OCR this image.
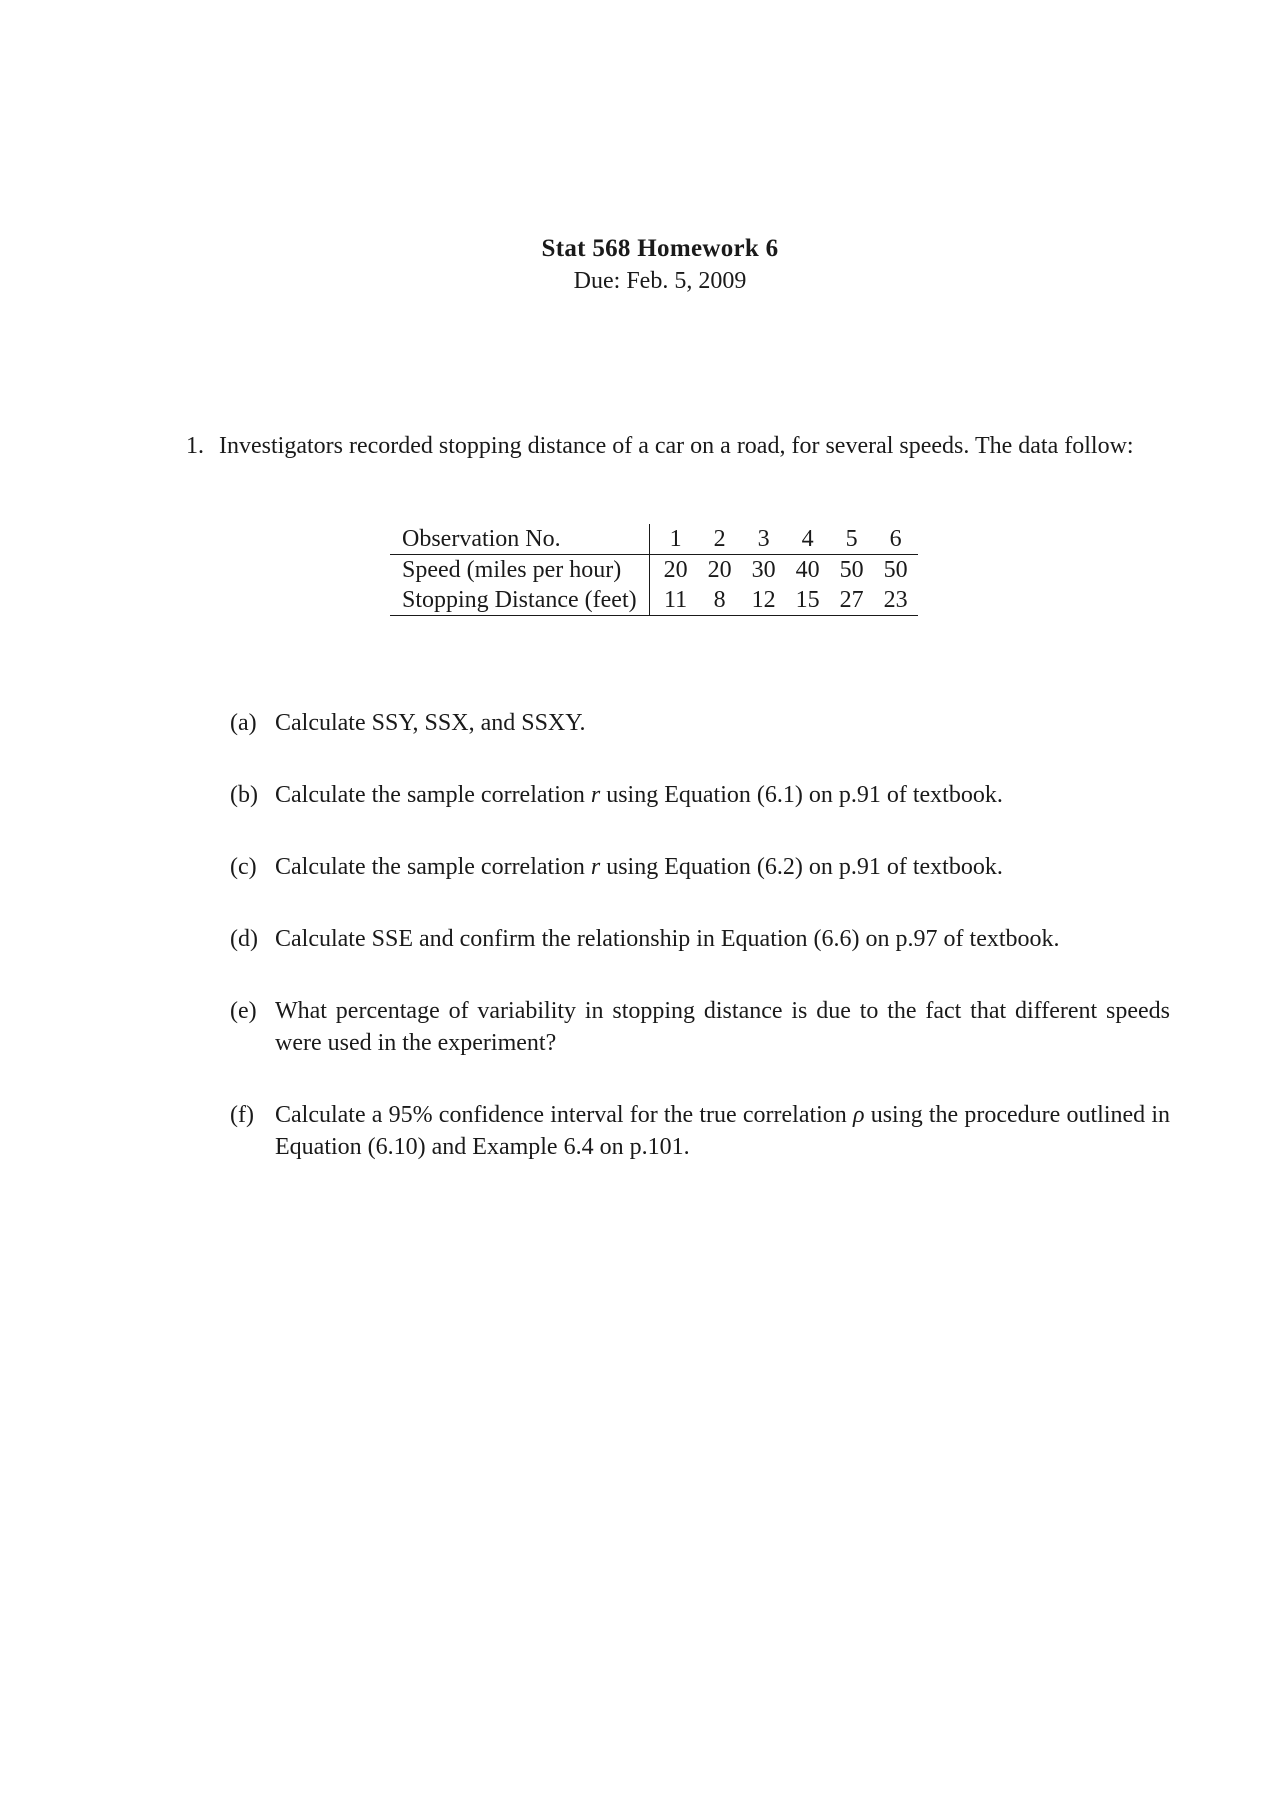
Stat 568 Homework 6
Due: Feb. 5, 2009
1. Investigators recorded stopping distance of a car on a road, for several speeds. The data follow:
Observation No.	1	2	3	4	5	6
Speed (miles per hour)	20	20	30	40	50	50
Stopping Distance (feet)	11	8	12	15	27	23
(a) Calculate SSY, SSX, and SSXY.
(b) Calculate the sample correlation r using Equation (6.1) on p.91 of textbook.
(c) Calculate the sample correlation r using Equation (6.2) on p.91 of textbook.
(d) Calculate SSE and confirm the relationship in Equation (6.6) on p.97 of textbook.
(e) What percentage of variability in stopping distance is due to the fact that different speeds were used in the experiment?
(f) Calculate a 95% confidence interval for the true correlation ρ using the procedure outlined in Equation (6.10) and Example 6.4 on p.101.
